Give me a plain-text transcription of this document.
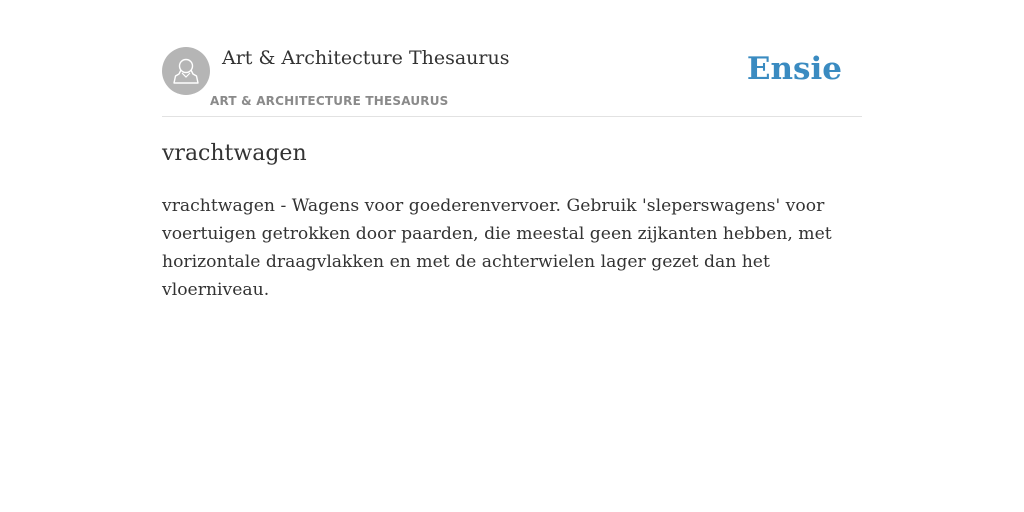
Art & Architecture Thesaurus
ART & ARCHITECTURE THESAURUS
Ensie
vrachtwagen

vrachtwagen - Wagens voor goederenvervoer. Gebruik 'sleperswagens' voor voertuigen getrokken door paarden, die meestal geen zijkanten hebben, met horizontale draagvlakken en met de achterwielen lager gezet dan het vloerniveau.
